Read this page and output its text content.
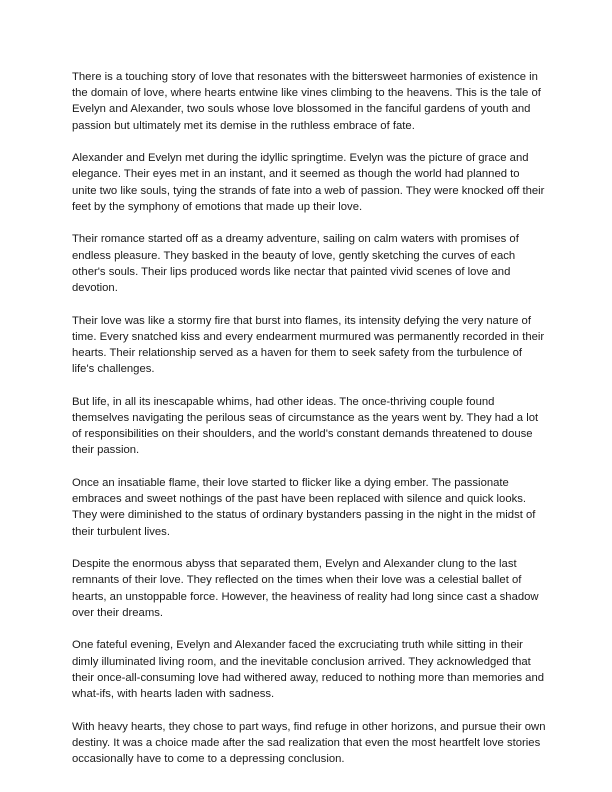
There is a touching story of love that resonates with the bittersweet harmonies of existence in the domain of love, where hearts entwine like vines climbing to the heavens. This is the tale of Evelyn and Alexander, two souls whose love blossomed in the fanciful gardens of youth and passion but ultimately met its demise in the ruthless embrace of fate.

Alexander and Evelyn met during the idyllic springtime. Evelyn was the picture of grace and elegance. Their eyes met in an instant, and it seemed as though the world had planned to unite two like souls, tying the strands of fate into a web of passion. They were knocked off their feet by the symphony of emotions that made up their love.

Their romance started off as a dreamy adventure, sailing on calm waters with promises of endless pleasure. They basked in the beauty of love, gently sketching the curves of each other's souls. Their lips produced words like nectar that painted vivid scenes of love and devotion.

Their love was like a stormy fire that burst into flames, its intensity defying the very nature of time. Every snatched kiss and every endearment murmured was permanently recorded in their hearts. Their relationship served as a haven for them to seek safety from the turbulence of life's challenges.

But life, in all its inescapable whims, had other ideas. The once-thriving couple found themselves navigating the perilous seas of circumstance as the years went by. They had a lot of responsibilities on their shoulders, and the world's constant demands threatened to douse their passion.

Once an insatiable flame, their love started to flicker like a dying ember. The passionate embraces and sweet nothings of the past have been replaced with silence and quick looks. They were diminished to the status of ordinary bystanders passing in the night in the midst of their turbulent lives.

Despite the enormous abyss that separated them, Evelyn and Alexander clung to the last remnants of their love. They reflected on the times when their love was a celestial ballet of hearts, an unstoppable force. However, the heaviness of reality had long since cast a shadow over their dreams.

One fateful evening, Evelyn and Alexander faced the excruciating truth while sitting in their dimly illuminated living room, and the inevitable conclusion arrived. They acknowledged that their once-all-consuming love had withered away, reduced to nothing more than memories and what-ifs, with hearts laden with sadness.

With heavy hearts, they chose to part ways, find refuge in other horizons, and pursue their own destiny. It was a choice made after the sad realization that even the most heartfelt love stories occasionally have to come to a depressing conclusion.
